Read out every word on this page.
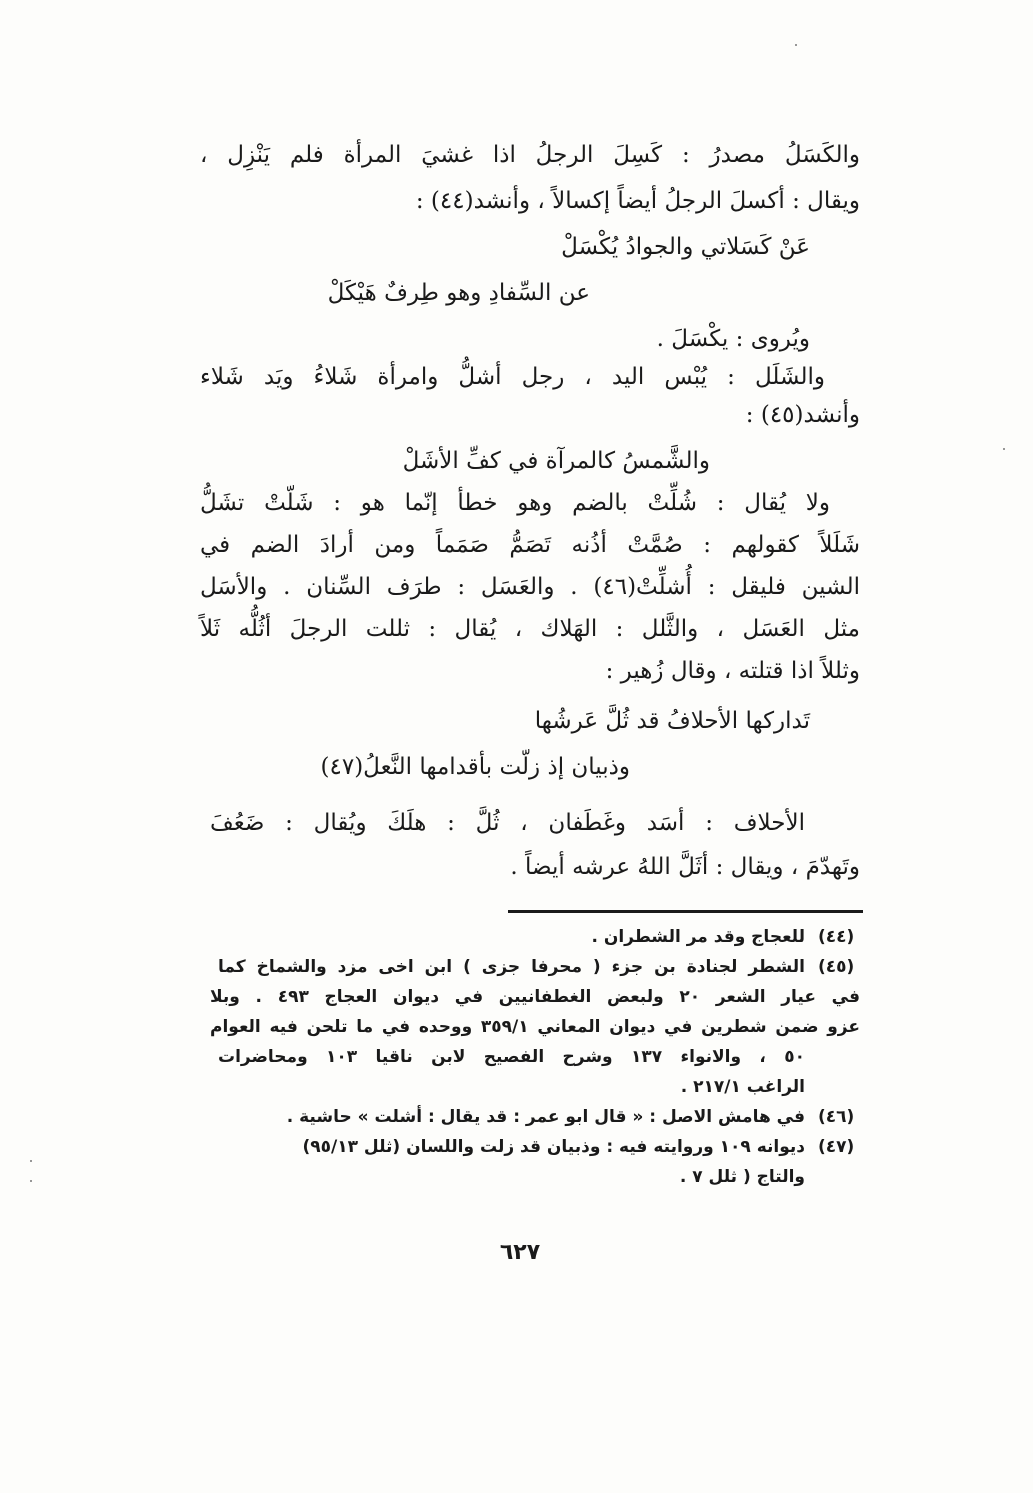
والكَسَلُ مصدرُ : كَسِلَ الرجلُ اذا غشيَ المرأة فلم يَنْزِل ،
ويقال : أكسلَ الرجلُ أيضاً إكسالاً ، وأنشد(٤٤) :
عَنْ كَسَلاتي والجوادُ يُكْسَلْ
عن السِّفادِ وهو طِرفٌ هَيْكَلْ
ويُروى : يكْسَلَ .
والشَلَل : يُبْس اليد ، رجل أشلُّ وامرأة شَلاءُ ويَد شَلاء
وأنشد(٤٥) :
والشَّمسُ كالمرآة في كفِّ الأشَلْ
ولا يُقال : شُلِّتْ بالضم وهو خطأ إنّما هو : شَلّتْ تشَلُّ
شَلَلاً كقولهم : صُمَّتْ أذُنه تَصَمُّ صَمَماً ومن أرادَ الضم في
الشين فليقل : أُشلِّتْ(٤٦) . والعَسَل : طرَف السِّنان . والأسَل
مثل العَسَل ، والثَّلل : الهَلاك ، يُقال : ثللت الرجلَ أثُلُّه ثَلاً
وثللاً اذا قتلته ، وقال زُهير :
تَداركها الأحلافُ قد ثُلَّ عَرشُها
وذبيان إذ زلّت بأقدامها النَّعلُ(٤٧)
الأحلاف : أسَد وغَطَفان ، ثُلَّ : هلَكَ ويُقال : ضَعُفَ
وتَهدّمَ ، ويقال : أثَلَّ اللهُ عرشه أيضاً .
(٤٤)
للعجاج وقد مر الشطران .
(٤٥)
الشطر لجنادة بن جزء ( محرفا جزى ) ابن اخى مزد والشماخ كما
في عيار الشعر ٢٠ ولبعض الغطفانيين في ديوان العجاج ٤٩٣ . وبلا
عزو ضمن شطرين في ديوان المعاني ٣٥٩/١ ووحده في ما تلحن فيه العوام
٥٠ ، والانواء ١٣٧ وشرح الفصيح لابن ناقيا ١٠٣ ومحاضرات
الراغب ٢١٧/١ .
(٤٦)
في هامش الاصل : « قال ابو عمر : قد يقال : أشلت » حاشية .
(٤٧)
ديوانه ١٠٩ وروايته فيه : وذبيان قد زلت واللسان (ثلل ٩٥/١٣)
والتاج ( ثلل ٧ .
٦٢٧
